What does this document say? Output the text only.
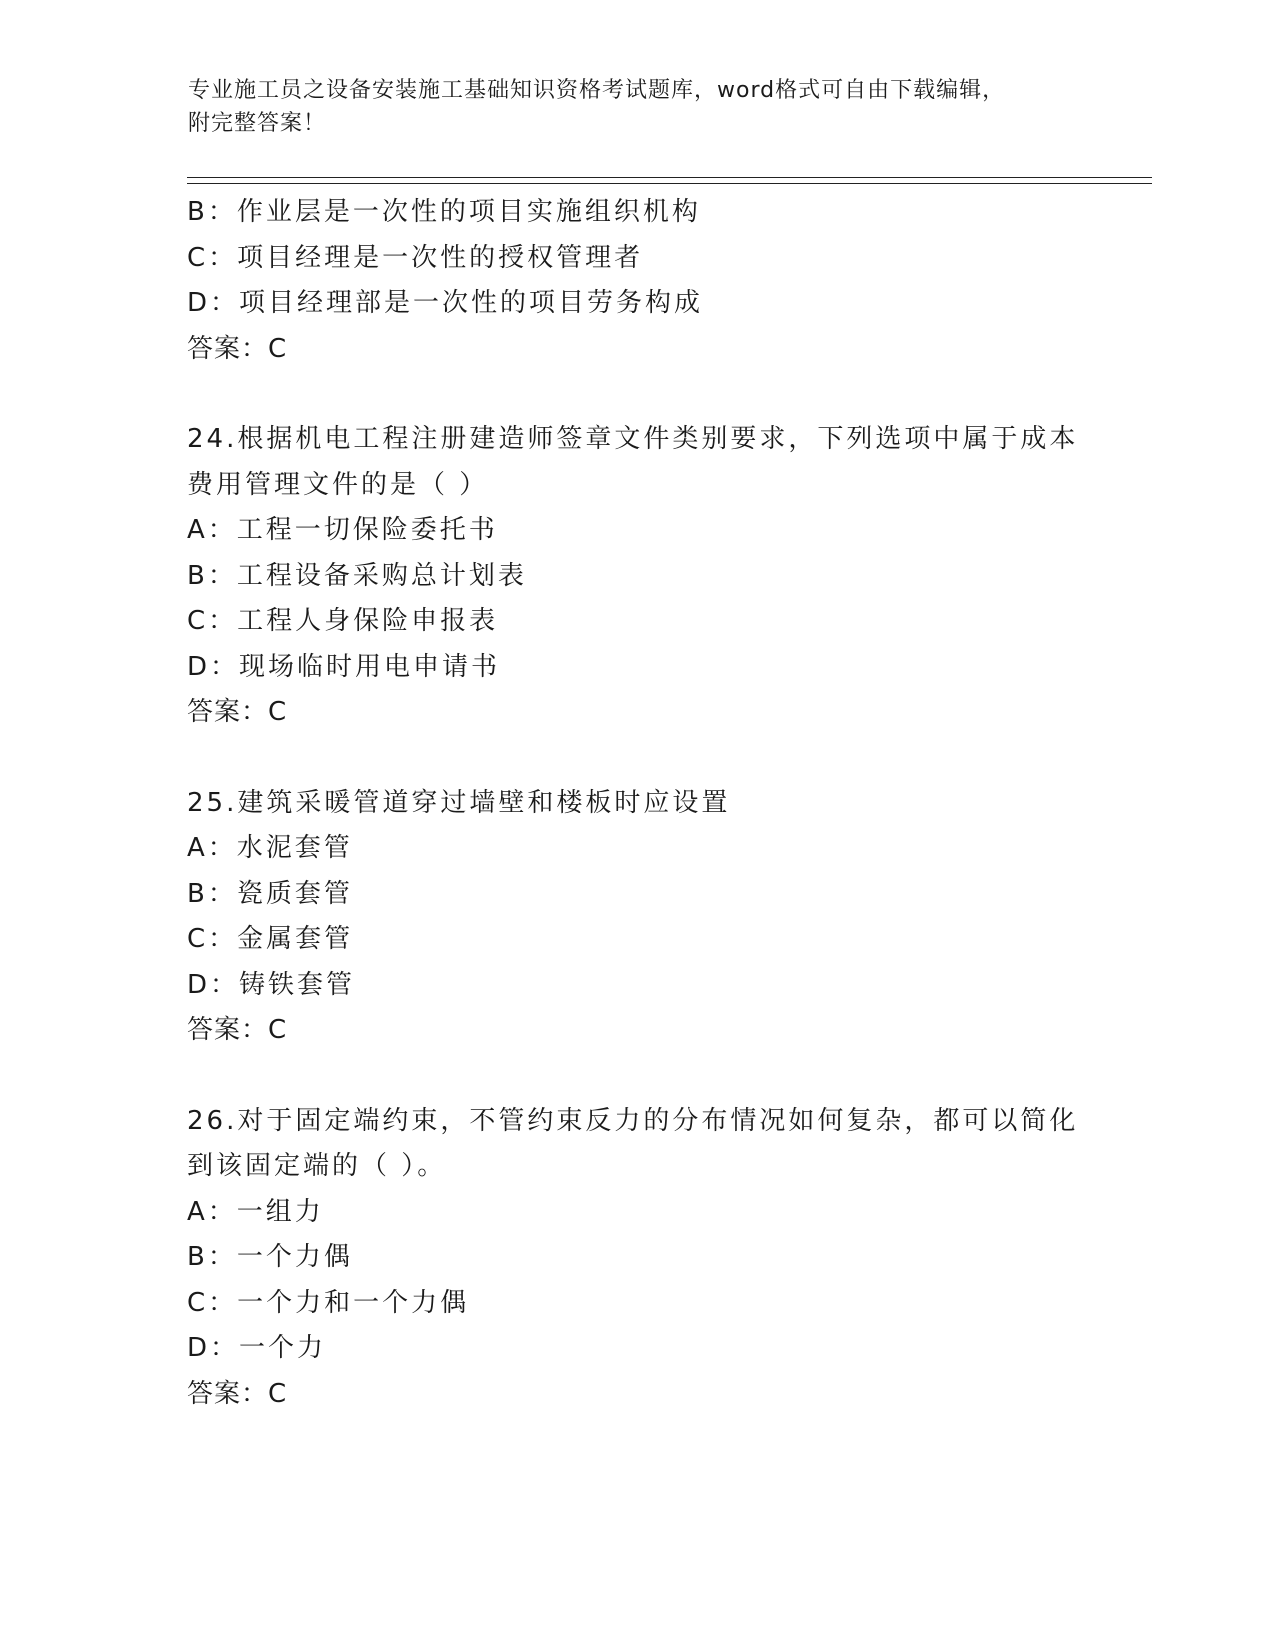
专业施工员之设备安装施工基础知识资格考试题库，word格式可自由下载编辑，
附完整答案！
B：作业层是一次性的项目实施组织机构
C：项目经理是一次性的授权管理者
D：项目经理部是一次性的项目劳务构成
答案：C
24.根据机电工程注册建造师签章文件类别要求，下列选项中属于成本
费用管理文件的是（ ）
A：工程一切保险委托书
B：工程设备采购总计划表
C：工程人身保险申报表
D：现场临时用电申请书
答案：C
25.建筑采暖管道穿过墙壁和楼板时应设置
A：水泥套管
B：瓷质套管
C：金属套管
D：铸铁套管
答案：C
26.对于固定端约束，不管约束反力的分布情况如何复杂，都可以简化
到该固定端的（ ）。
A：一组力
B：一个力偶
C：一个力和一个力偶
D：一个力
答案：C
